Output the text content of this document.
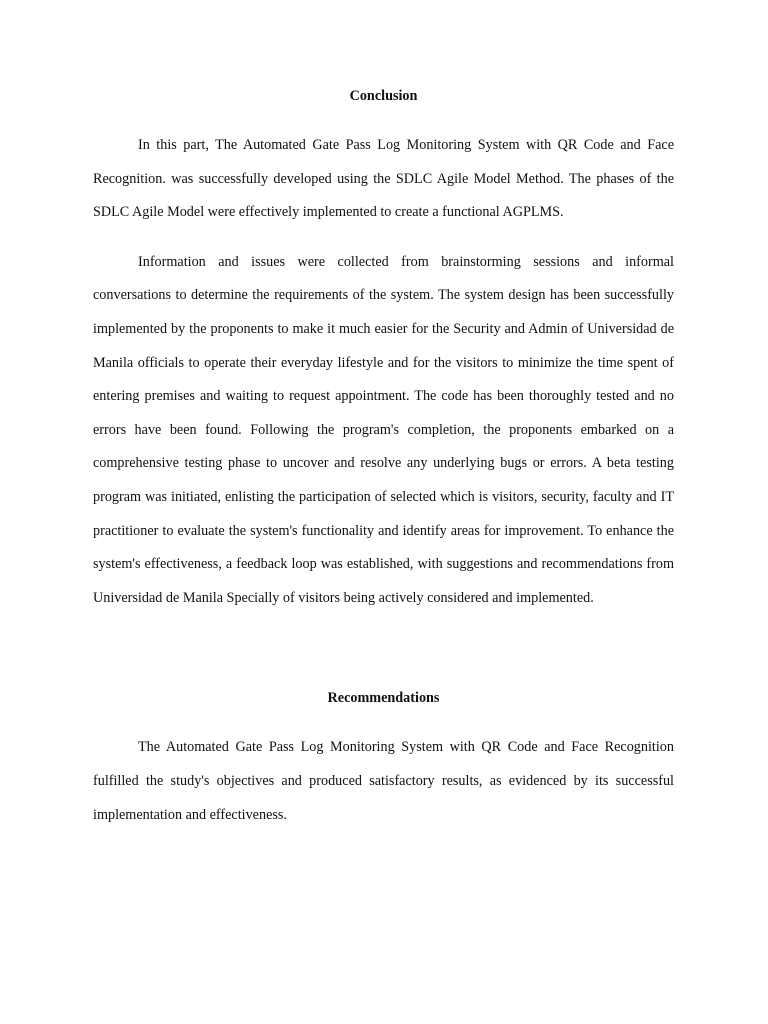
Conclusion

In this part, The Automated Gate Pass Log Monitoring System with QR Code and Face Recognition. was successfully developed using the SDLC Agile Model Method. The phases of the SDLC Agile Model were effectively implemented to create a functional AGPLMS.

Information and issues were collected from brainstorming sessions and informal conversations to determine the requirements of the system. The system design has been successfully implemented by the proponents to make it much easier for the Security and Admin of Universidad de Manila officials to operate their everyday lifestyle and for the visitors to minimize the time spent of entering premises and waiting to request appointment. The code has been thoroughly tested and no errors have been found. Following the program's completion, the proponents embarked on a comprehensive testing phase to uncover and resolve any underlying bugs or errors. A beta testing program was initiated, enlisting the participation of selected which is visitors, security, faculty and IT practitioner to evaluate the system's functionality and identify areas for improvement. To enhance the system's effectiveness, a feedback loop was established, with suggestions and recommendations from Universidad de Manila Specially of visitors being actively considered and implemented.

Recommendations

The Automated Gate Pass Log Monitoring System with QR Code and Face Recognition fulfilled the study's objectives and produced satisfactory results, as evidenced by its successful implementation and effectiveness.
